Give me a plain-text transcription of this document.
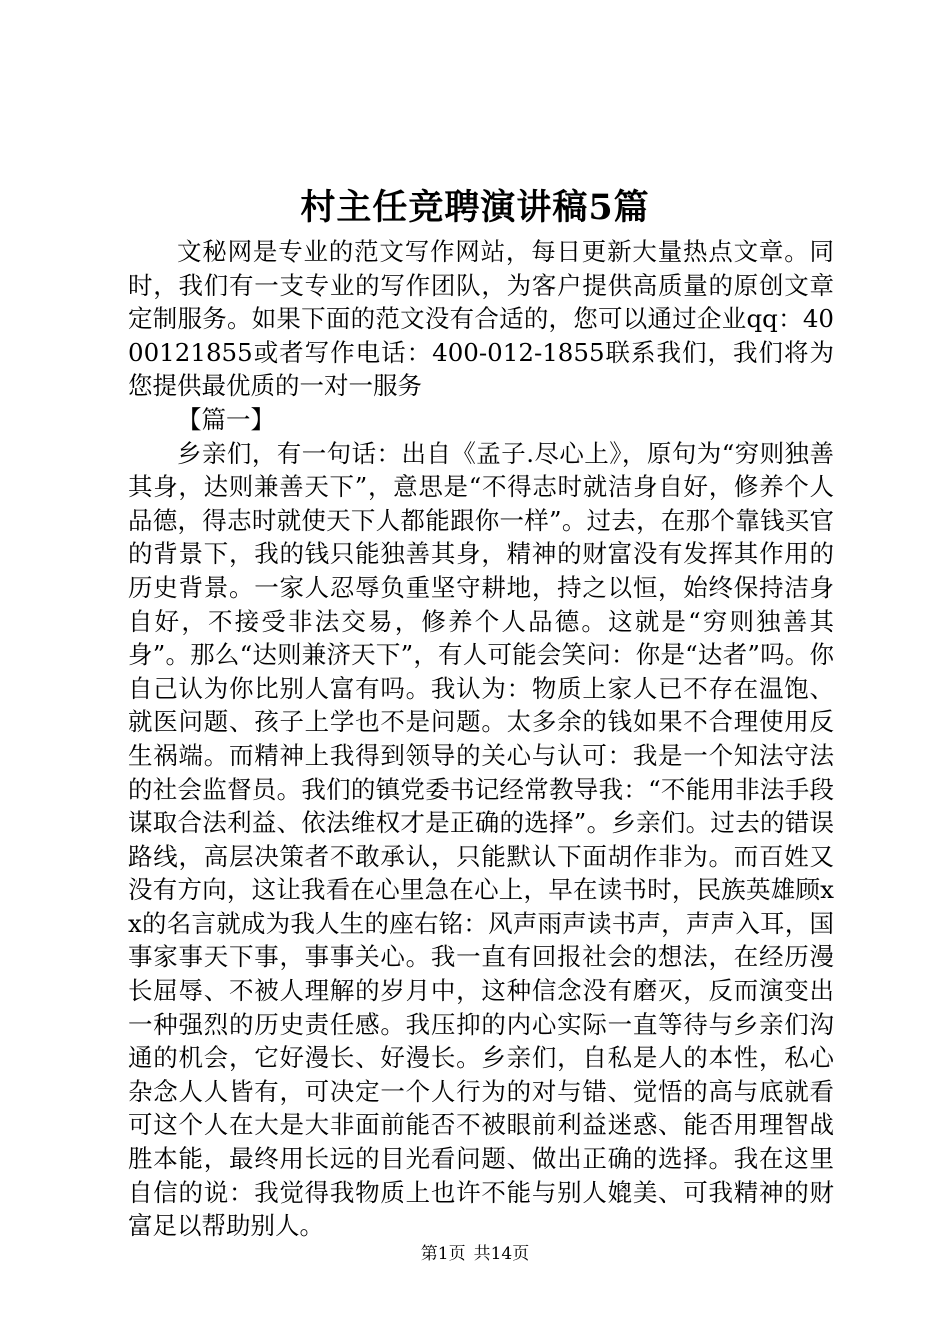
村主任竞聘演讲稿5篇

文秘网是专业的范文写作网站，每日更新大量热点文章。同时，我们有一支专业的写作团队，为客户提供高质量的原创文章定制服务。如果下面的范文没有合适的，您可以通过企业qq：4000121855或者写作电话：400-012-1855联系我们，我们将为您提供最优质的一对一服务

【篇一】

乡亲们，有一句话：出自《孟子.尽心上》，原句为“穷则独善其身，达则兼善天下”，意思是“不得志时就洁身自好，修养个人品德，得志时就使天下人都能跟你一样”。过去，在那个靠钱买官的背景下，我的钱只能独善其身，精神的财富没有发挥其作用的历史背景。一家人忍辱负重坚守耕地，持之以恒，始终保持洁身自好，不接受非法交易，修养个人品德。这就是“穷则独善其身”。那么“达则兼济天下”，有人可能会笑问：你是“达者”吗。你自己认为你比别人富有吗。我认为：物质上家人已不存在温饱、就医问题、孩子上学也不是问题。太多余的钱如果不合理使用反生祸端。而精神上我得到领导的关心与认可：我是一个知法守法的社会监督员。我们的镇党委书记经常教导我：“不能用非法手段谋取合法利益、依法维权才是正确的选择”。乡亲们。过去的错误路线，高层决策者不敢承认，只能默认下面胡作非为。而百姓又没有方向，这让我看在心里急在心上，早在读书时，民族英雄顾xx的名言就成为我人生的座右铭：风声雨声读书声，声声入耳，国事家事天下事，事事关心。我一直有回报社会的想法，在经历漫长屈辱、不被人理解的岁月中，这种信念没有磨灭，反而演变出一种强烈的历史责任感。我压抑的内心实际一直等待与乡亲们沟通的机会，它好漫长、好漫长。乡亲们，自私是人的本性，私心杂念人人皆有，可决定一个人行为的对与错、觉悟的高与底就看可这个人在大是大非面前能否不被眼前利益迷惑、能否用理智战胜本能，最终用长远的目光看问题、做出正确的选择。我在这里自信的说：我觉得我物质上也许不能与别人媲美、可我精神的财富足以帮助别人。

第1页 共14页
